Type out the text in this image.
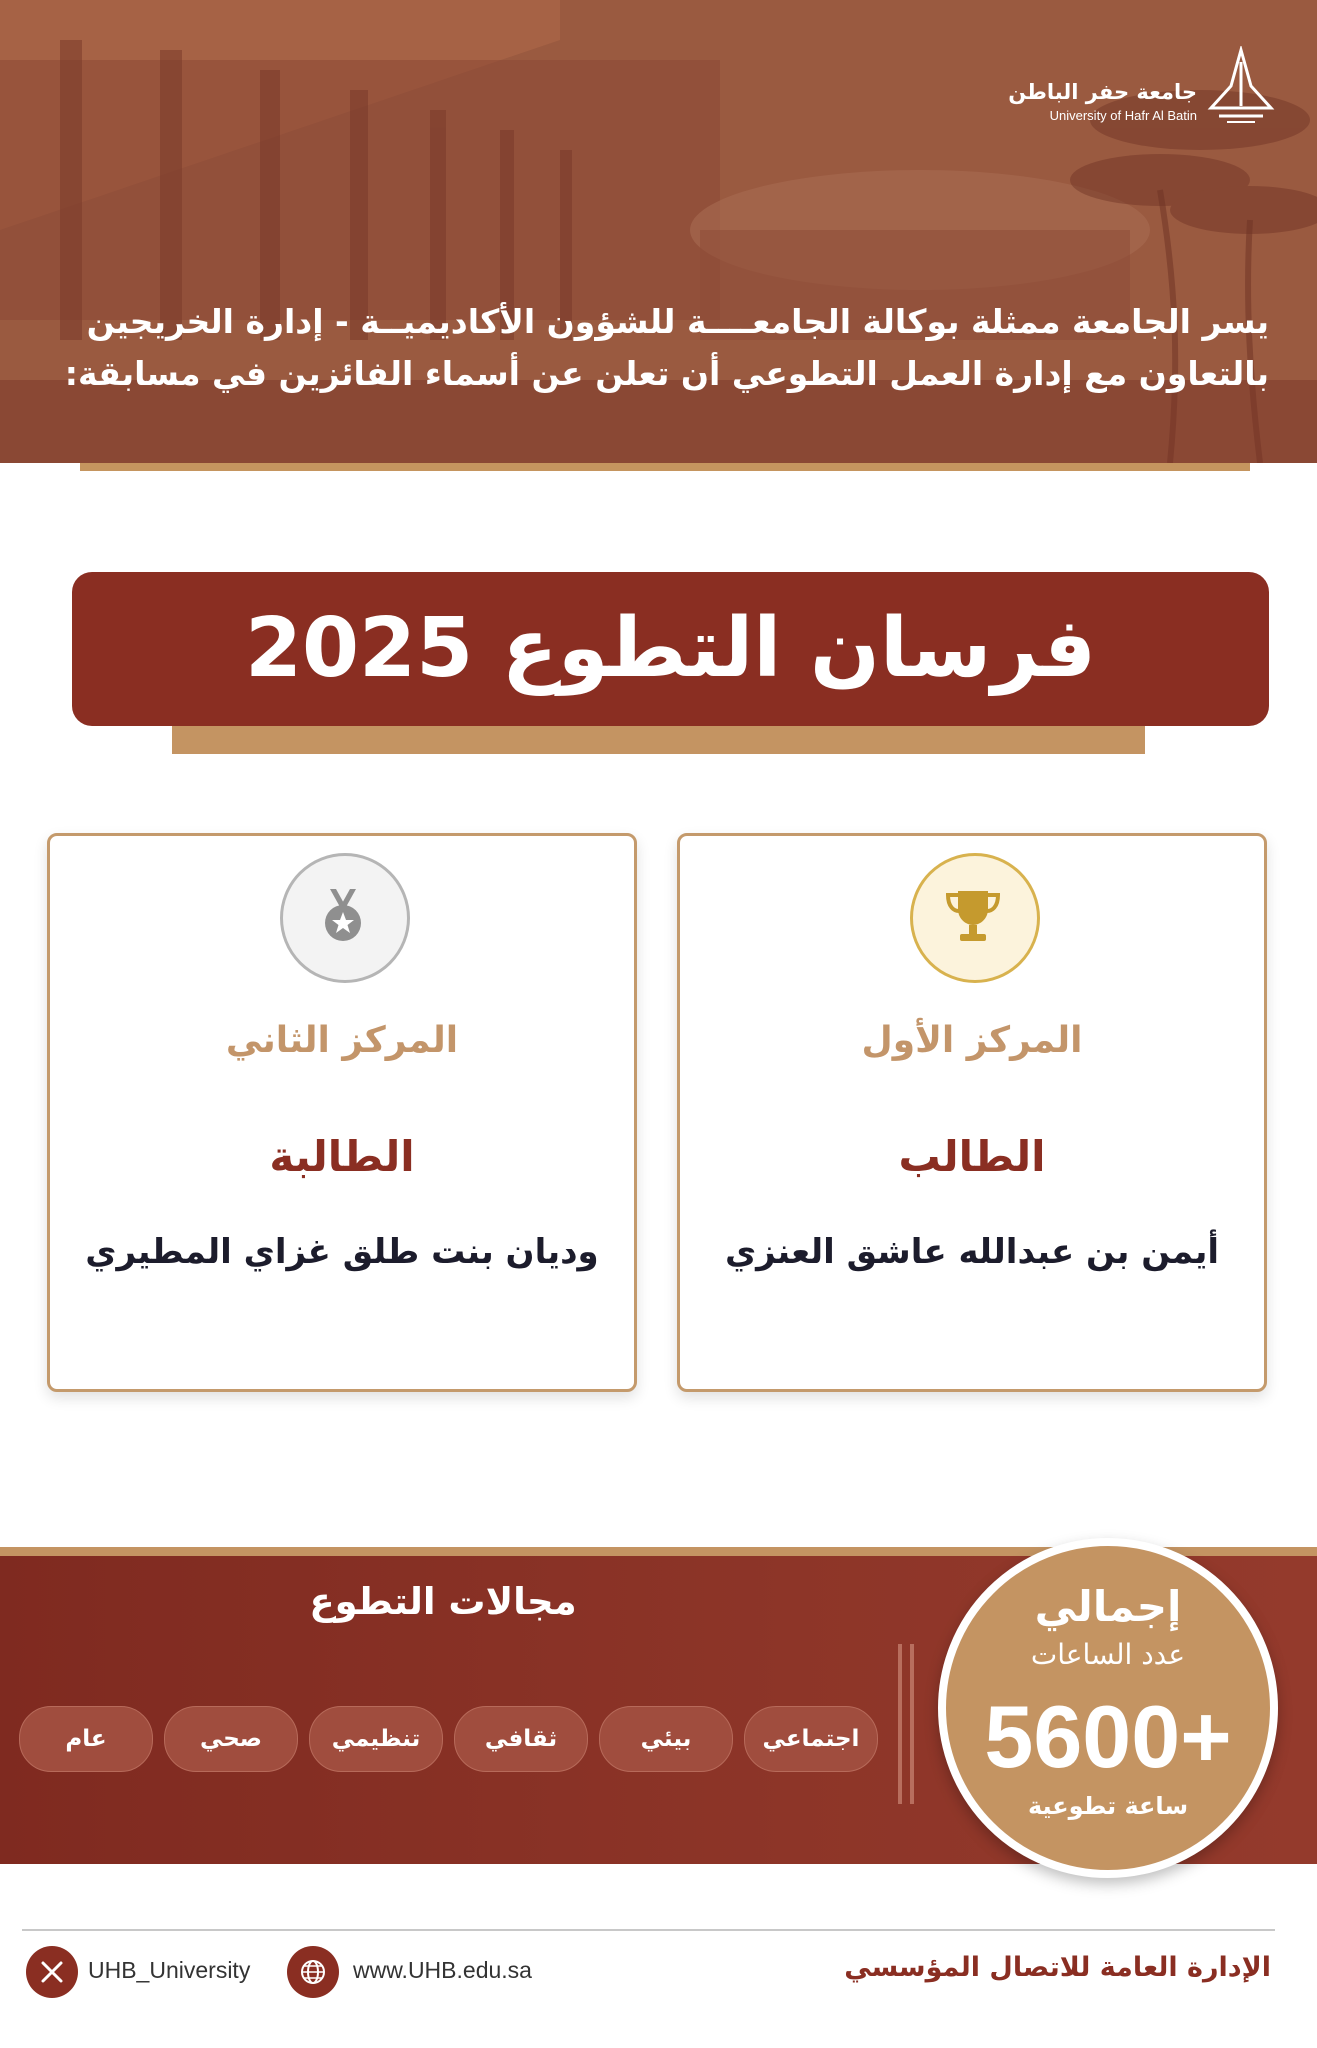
جامعة حفر الباطن
University of Hafr Al Batin

يسر الجامعة ممثلة بوكالة الجامعــــة للشؤون الأكاديميــة - إدارة الخريجين
بالتعاون مع إدارة العمل التطوعي أن تعلن عن أسماء الفائزين في مسابقة:

فرسان التطوع 2025
المركز الأول
الطالب
أيمن بن عبدالله عاشق العنزي
المركز الثاني
الطالبة
وديان بنت طلق غزاي المطيري
مجالات التطوع
اجتماعي
بيئي
ثقافي
تنظيمي
صحي
عام
إجمالي
عدد الساعات
5600+
ساعة تطوعية
UHB_University	www.UHB.edu.sa	الإدارة العامة للاتصال المؤسسي
